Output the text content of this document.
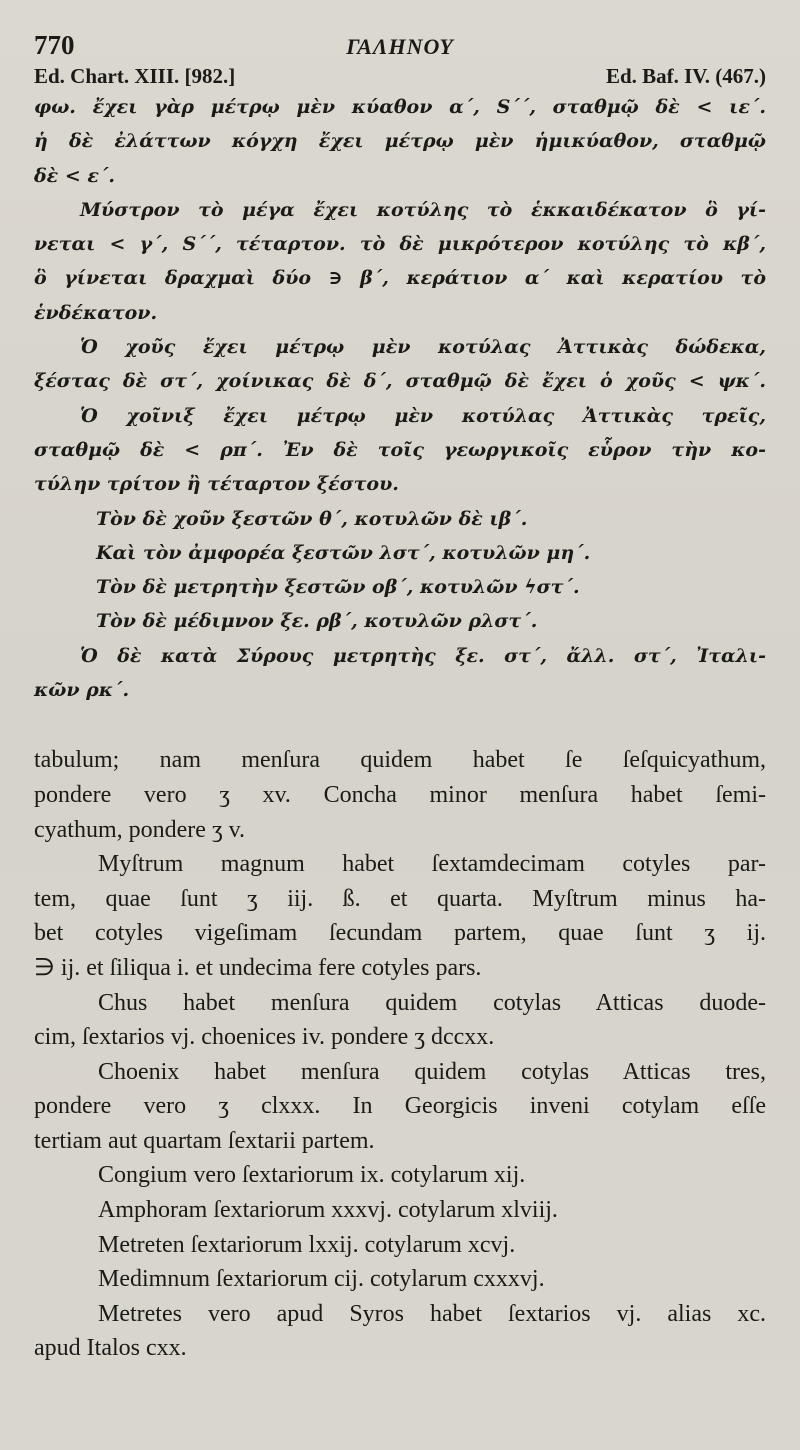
770	ΓΑΛΗΝΟΥ
Ed. Chart. XIII. [982.]	Ed. Baf. IV. (467.)

φω. ἔχει γὰρ μέτρῳ μὲν κύαθον α΄, S΄΄, σταθμῷ δὲ < ιε΄.

ἡ δὲ ἐλάττων κόγχη ἔχει μέτρῳ μὲν ἡμικύαθον, σταθμῷ

δὲ < ε΄.

Μύστρον τὸ μέγα ἔχει κοτύλης τὸ ἑκκαιδέκατον ὃ γί-

νεται < γ΄, S΄΄, τέταρτον. τὸ δὲ μικρότερον κοτύλης τὸ κβ΄,

ὃ γίνεται δραχμαὶ δύο ∋ β΄, κεράτιον α΄ καὶ κερατίου τὸ

ἑνδέκατον.

Ὁ χοῦς ἔχει μέτρῳ μὲν κοτύλας Ἀττικὰς δώδεκα,

ξέστας δὲ στ΄, χοίνικας δὲ δ΄, σταθμῷ δὲ ἔχει ὁ χοῦς < ψκ΄.

Ὁ χοῖνιξ ἔχει μέτρῳ μὲν κοτύλας Ἀττικὰς τρεῖς,

σταθμῷ δὲ < ρπ΄. Ἐν δὲ τοῖς γεωργικοῖς εὗρον τὴν κο-

τύλην τρίτον ἢ τέταρτον ξέστου.

Τὸν δὲ χοῦν ξεστῶν θ΄, κοτυλῶν δὲ ιβ΄.

Καὶ τὸν ἀμφορέα ξεστῶν λστ΄, κοτυλῶν μη΄.

Τὸν δὲ μετρητὴν ξεστῶν οβ΄, κοτυλῶν ϟστ΄.

Τὸν δὲ μέδιμνον ξε. ρβ΄, κοτυλῶν ρλστ΄.

Ὁ δὲ κατὰ Σύρους μετρητὴς ξε. στ΄, ἄλλ. στ΄, Ἰταλι-

κῶν ρκ΄.

tabulum; nam menſura quidem habet ſe ſeſquicyathum,

pondere vero ʒ xv. Concha minor menſura habet ſemi-

cyathum, pondere ʒ v.

Myſtrum magnum habet ſextamdecimam cotyles par-

tem, quae ſunt ʒ iij. ß. et quarta. Myſtrum minus ha-

bet cotyles vigeſimam ſecundam partem, quae ſunt ʒ ij.

∋ ij. et ſiliqua i. et undecima fere cotyles pars.

Chus habet menſura quidem cotylas Atticas duode-

cim, ſextarios vj. choenices iv. pondere ʒ dccxx.

Choenix habet menſura quidem cotylas Atticas tres,

pondere vero ʒ clxxx. In Georgicis inveni cotylam eſſe

tertiam aut quartam ſextarii partem.

Congium vero ſextariorum ix. cotylarum xij.

Amphoram ſextariorum xxxvj. cotylarum xlviij.

Metreten ſextariorum lxxij. cotylarum xcvj.

Medimnum ſextariorum cij. cotylarum cxxxvj.

Metretes vero apud Syros habet ſextarios vj. alias xc.

apud Italos cxx.
